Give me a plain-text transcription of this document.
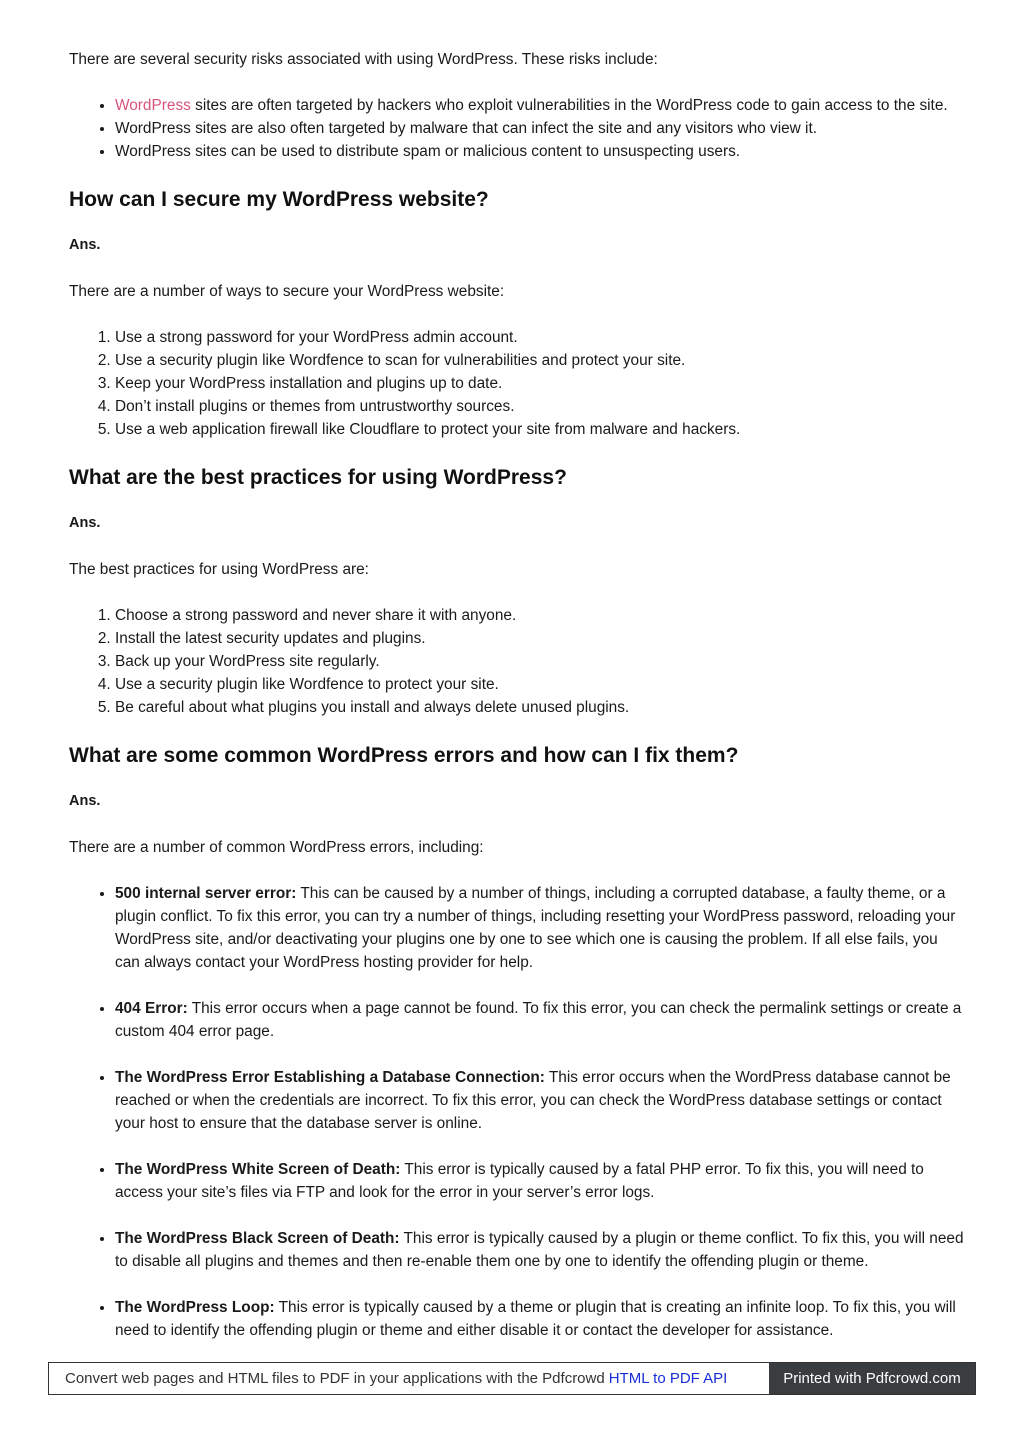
There are several security risks associated with using WordPress. These risks include:

• WordPress sites are often targeted by hackers who exploit vulnerabilities in the WordPress code to gain access to the site.
• WordPress sites are also often targeted by malware that can infect the site and any visitors who view it.
• WordPress sites can be used to distribute spam or malicious content to unsuspecting users.
How can I secure my WordPress website?
Ans.

There are a number of ways to secure your WordPress website:

1. Use a strong password for your WordPress admin account.
2. Use a security plugin like Wordfence to scan for vulnerabilities and protect your site.
3. Keep your WordPress installation and plugins up to date.
4. Don’t install plugins or themes from untrustworthy sources.
5. Use a web application firewall like Cloudflare to protect your site from malware and hackers.
What are the best practices for using WordPress?
Ans.

The best practices for using WordPress are:

1. Choose a strong password and never share it with anyone.
2. Install the latest security updates and plugins.
3. Back up your WordPress site regularly.
4. Use a security plugin like Wordfence to protect your site.
5. Be careful about what plugins you install and always delete unused plugins.
What are some common WordPress errors and how can I fix them?
Ans.

There are a number of common WordPress errors, including:

• 500 internal server error: This can be caused by a number of things, including a corrupted database, a faulty theme, or a plugin conflict. To fix this error, you can try a number of things, including resetting your WordPress password, reloading your WordPress site, and/or deactivating your plugins one by one to see which one is causing the problem. If all else fails, you can always contact your WordPress hosting provider for help.
• 404 Error: This error occurs when a page cannot be found. To fix this error, you can check the permalink settings or create a custom 404 error page.
• The WordPress Error Establishing a Database Connection: This error occurs when the WordPress database cannot be reached or when the credentials are incorrect. To fix this error, you can check the WordPress database settings or contact your host to ensure that the database server is online.
• The WordPress White Screen of Death: This error is typically caused by a fatal PHP error. To fix this, you will need to access your site’s files via FTP and look for the error in your server’s error logs.
• The WordPress Black Screen of Death: This error is typically caused by a plugin or theme conflict. To fix this, you will need to disable all plugins and themes and then re-enable them one by one to identify the offending plugin or theme.
• The WordPress Loop: This error is typically caused by a theme or plugin that is creating an infinite loop. To fix this, you will need to identify the offending plugin or theme and either disable it or contact the developer for assistance.
Convert web pages and HTML files to PDF in your applications with the Pdfcrowd HTML to PDF API	Printed with Pdfcrowd.com
